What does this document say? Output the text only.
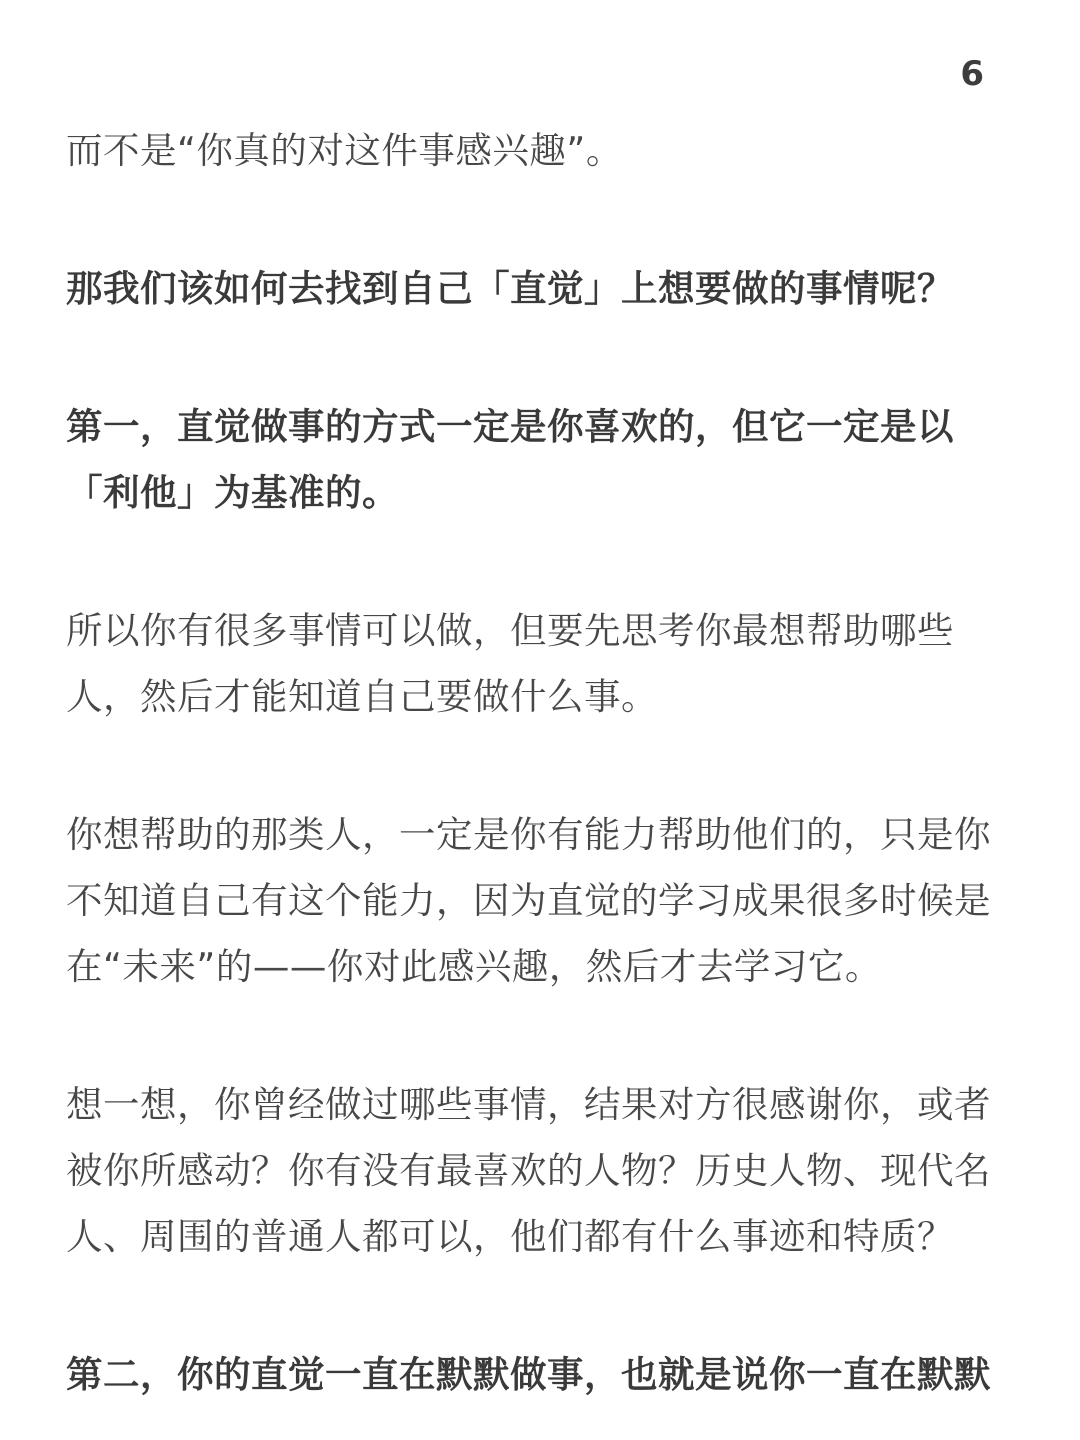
6
而不是“你真的对这件事感兴趣”。
那我们该如何去找到自己「直觉」上想要做的事情呢？
第一，直觉做事的方式一定是你喜欢的，但它一定是以
「利他」为基准的。
所以你有很多事情可以做，但要先思考你最想帮助哪些
人，然后才能知道自己要做什么事。
你想帮助的那类人，一定是你有能力帮助他们的，只是你
不知道自己有这个能力，因为直觉的学习成果很多时候是
在“未来”的——你对此感兴趣，然后才去学习它。
想一想，你曾经做过哪些事情，结果对方很感谢你，或者
被你所感动？你有没有最喜欢的人物？历史人物、现代名
人、周围的普通人都可以，他们都有什么事迹和特质？
第二，你的直觉一直在默默做事，也就是说你一直在默默
